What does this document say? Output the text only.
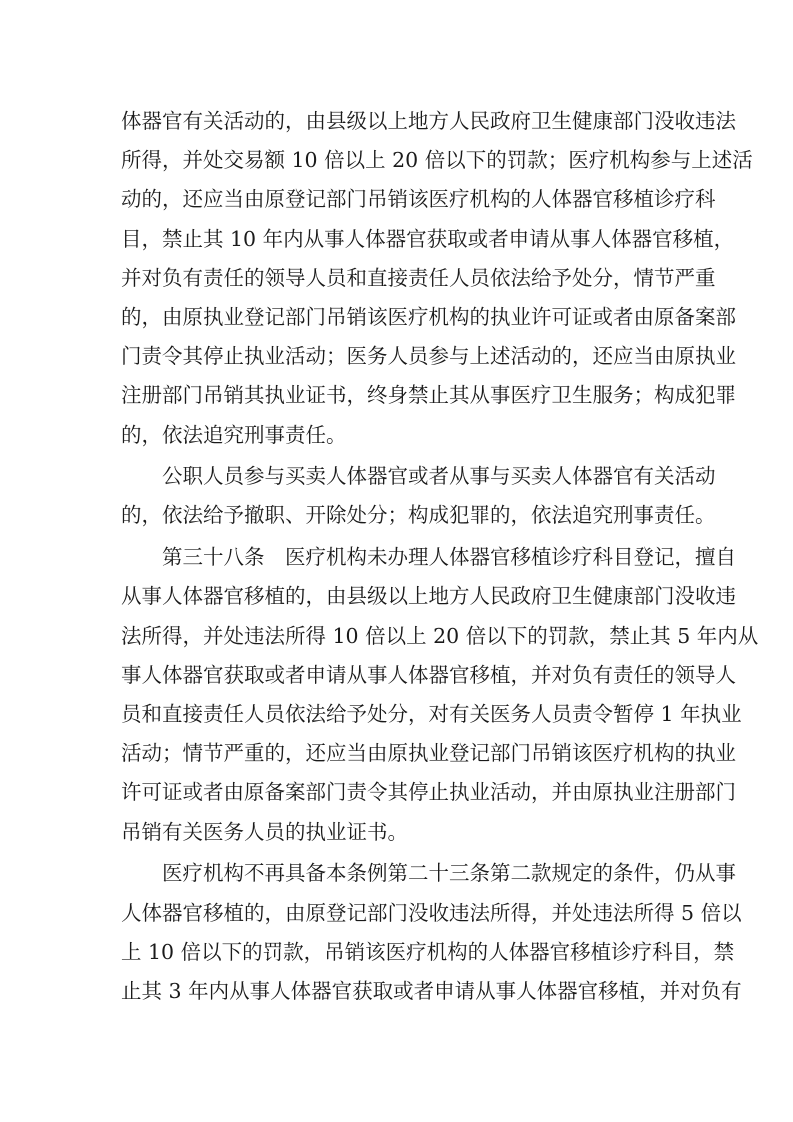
体器官有关活动的，由县级以上地方人民政府卫生健康部门没收违法
所得，并处交易额 10 倍以上 20 倍以下的罚款；医疗机构参与上述活
动的，还应当由原登记部门吊销该医疗机构的人体器官移植诊疗科
目，禁止其 10 年内从事人体器官获取或者申请从事人体器官移植，
并对负有责任的领导人员和直接责任人员依法给予处分，情节严重
的，由原执业登记部门吊销该医疗机构的执业许可证或者由原备案部
门责令其停止执业活动；医务人员参与上述活动的，还应当由原执业
注册部门吊销其执业证书，终身禁止其从事医疗卫生服务；构成犯罪
的，依法追究刑事责任。
公职人员参与买卖人体器官或者从事与买卖人体器官有关活动
的，依法给予撤职、开除处分；构成犯罪的，依法追究刑事责任。
第三十八条　医疗机构未办理人体器官移植诊疗科目登记，擅自
从事人体器官移植的，由县级以上地方人民政府卫生健康部门没收违
法所得，并处违法所得 10 倍以上 20 倍以下的罚款，禁止其 5 年内从
事人体器官获取或者申请从事人体器官移植，并对负有责任的领导人
员和直接责任人员依法给予处分，对有关医务人员责令暂停 1 年执业
活动；情节严重的，还应当由原执业登记部门吊销该医疗机构的执业
许可证或者由原备案部门责令其停止执业活动，并由原执业注册部门
吊销有关医务人员的执业证书。
医疗机构不再具备本条例第二十三条第二款规定的条件，仍从事
人体器官移植的，由原登记部门没收违法所得，并处违法所得 5 倍以
上 10 倍以下的罚款，吊销该医疗机构的人体器官移植诊疗科目，禁
止其 3 年内从事人体器官获取或者申请从事人体器官移植，并对负有
